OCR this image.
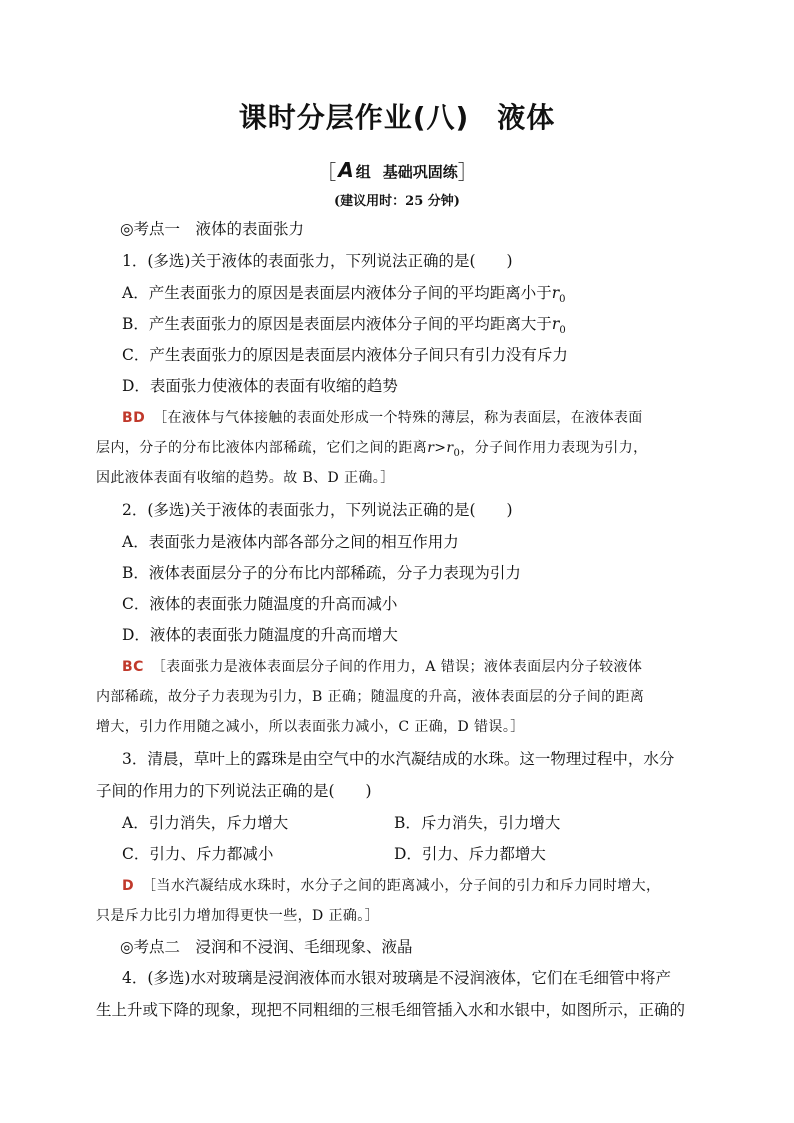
课时分层作业(八) 液体
［ A 组 基础巩固练］
(建议用时：25 分钟)
◎考点一　液体的表面张力
1．(多选)关于液体的表面张力，下列说法正确的是(　　)
A．产生表面张力的原因是表面层内液体分子间的平均距离小于$r_0$
B．产生表面张力的原因是表面层内液体分子间的平均距离大于$r_0$
C．产生表面张力的原因是表面层内液体分子间只有引力没有斥力
D．表面张力使液体的表面有收缩的趋势
BD ［在液体与气体接触的表面处形成一个特殊的薄层，称为表面层，在液体表面
层内，分子的分布比液体内部稀疏，它们之间的距离$r>r_0$，分子间作用力表现为引力，
因此液体表面有收缩的趋势。故 B、D 正确。］
2．(多选)关于液体的表面张力，下列说法正确的是(　　)
A．表面张力是液体内部各部分之间的相互作用力
B．液体表面层分子的分布比内部稀疏，分子力表现为引力
C．液体的表面张力随温度的升高而减小
D．液体的表面张力随温度的升高而增大
BC ［表面张力是液体表面层分子间的作用力，A 错误；液体表面层内分子较液体
内部稀疏，故分子力表现为引力，B 正确；随温度的升高，液体表面层的分子间的距离
增大，引力作用随之减小，所以表面张力减小，C 正确，D 错误。］
3．清晨，草叶上的露珠是由空气中的水汽凝结成的水珠。这一物理过程中，水分
子间的作用力的下列说法正确的是(　　)
A．引力消失，斥力增大	B．斥力消失，引力增大
C．引力、斥力都减小	D．引力、斥力都增大
D ［当水汽凝结成水珠时，水分子之间的距离减小，分子间的引力和斥力同时增大，
只是斥力比引力增加得更快一些，D 正确。］
◎考点二　浸润和不浸润、毛细现象、液晶
4．(多选)水对玻璃是浸润液体而水银对玻璃是不浸润液体，它们在毛细管中将产
生上升或下降的现象，现把不同粗细的三根毛细管插入水和水银中，如图所示，正确的
